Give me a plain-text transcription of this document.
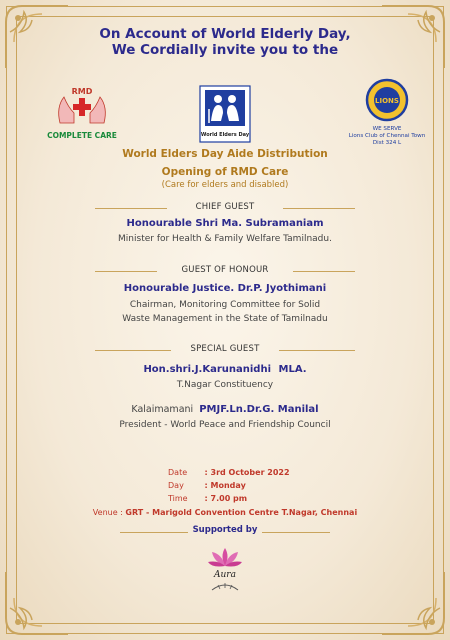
On Account of World Elderly Day,
We Cordially invite you to the
RMD
COMPLETE CARE	World Elders Day
LIONS
WE SERVE
Lions Club of Chennai Town
Dist 324 L
World Elders Day Aide Distribution
Opening of RMD Care
(Care for elders and disabled)
CHIEF GUEST
Honourable Shri Ma. Subramaniam
Minister for Health & Family Welfare Tamilnadu.
GUEST OF HONOUR
Honourable Justice. Dr.P. Jyothimani
Chairman, Monitoring Committee for Solid
Waste Management in the State of Tamilnadu
SPECIAL GUEST
Hon.shri.J.Karunanidhi MLA.
T.Nagar Constituency
Kalaimamani PMJF.Ln.Dr.G. Manilal
President - World Peace and Friendship Council
Date : 3rd October 2022
Day	: Monday
Time : 7.00 pm
Venue : GRT - Marigold Convention Centre T.Nagar, Chennai
Supported by
Aura
